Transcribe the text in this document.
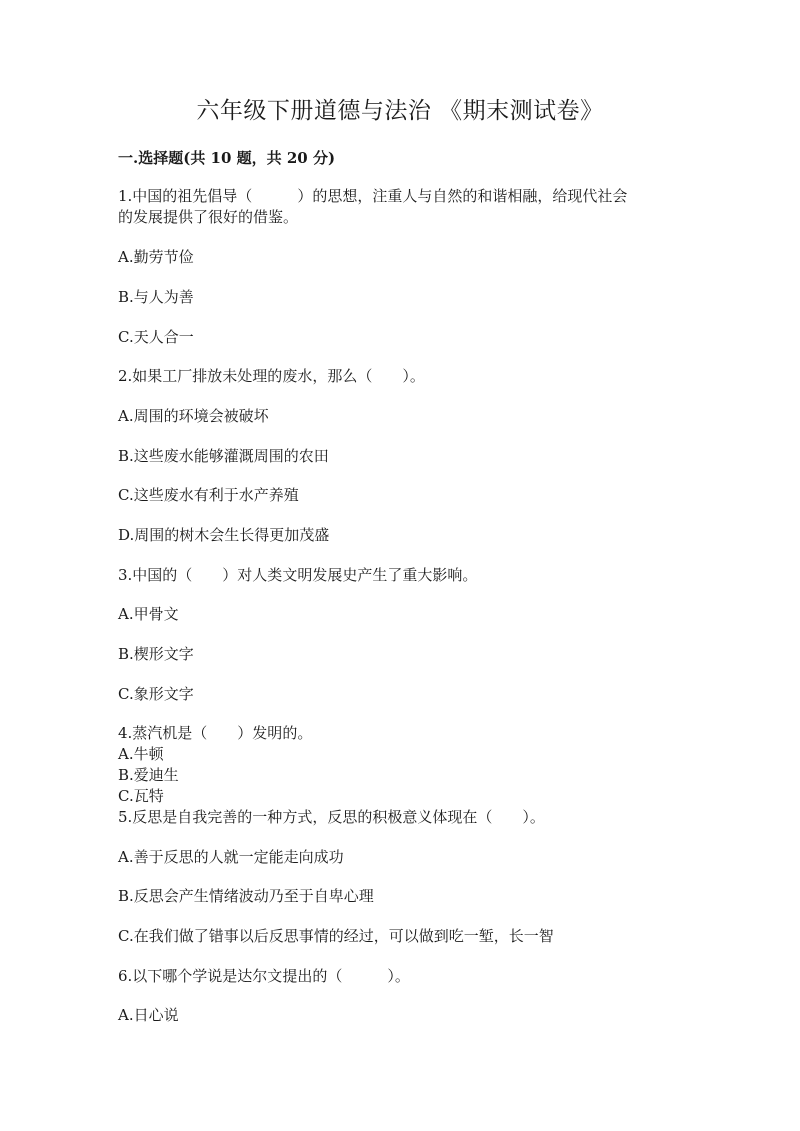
六年级下册道德与法治 《期末测试卷》
一.选择题(共 10 题，共 20 分)
1.中国的祖先倡导（　　　）的思想，注重人与自然的和谐相融，给现代社会
的发展提供了很好的借鉴。
A.勤劳节俭
B.与人为善
C.天人合一
2.如果工厂排放未处理的废水，那么（　　）。
A.周围的环境会被破坏
B.这些废水能够灌溉周围的农田
C.这些废水有利于水产养殖
D.周围的树木会生长得更加茂盛
3.中国的（　　）对人类文明发展史产生了重大影响。
A.甲骨文
B.楔形文字
C.象形文字
4.蒸汽机是（　　）发明的。
A.牛顿
B.爱迪生
C.瓦特
5.反思是自我完善的一种方式，反思的积极意义体现在（　　）。
A.善于反思的人就一定能走向成功
B.反思会产生情绪波动乃至于自卑心理
C.在我们做了错事以后反思事情的经过，可以做到吃一堑，长一智
6.以下哪个学说是达尔文提出的（　　　）。
A.日心说
